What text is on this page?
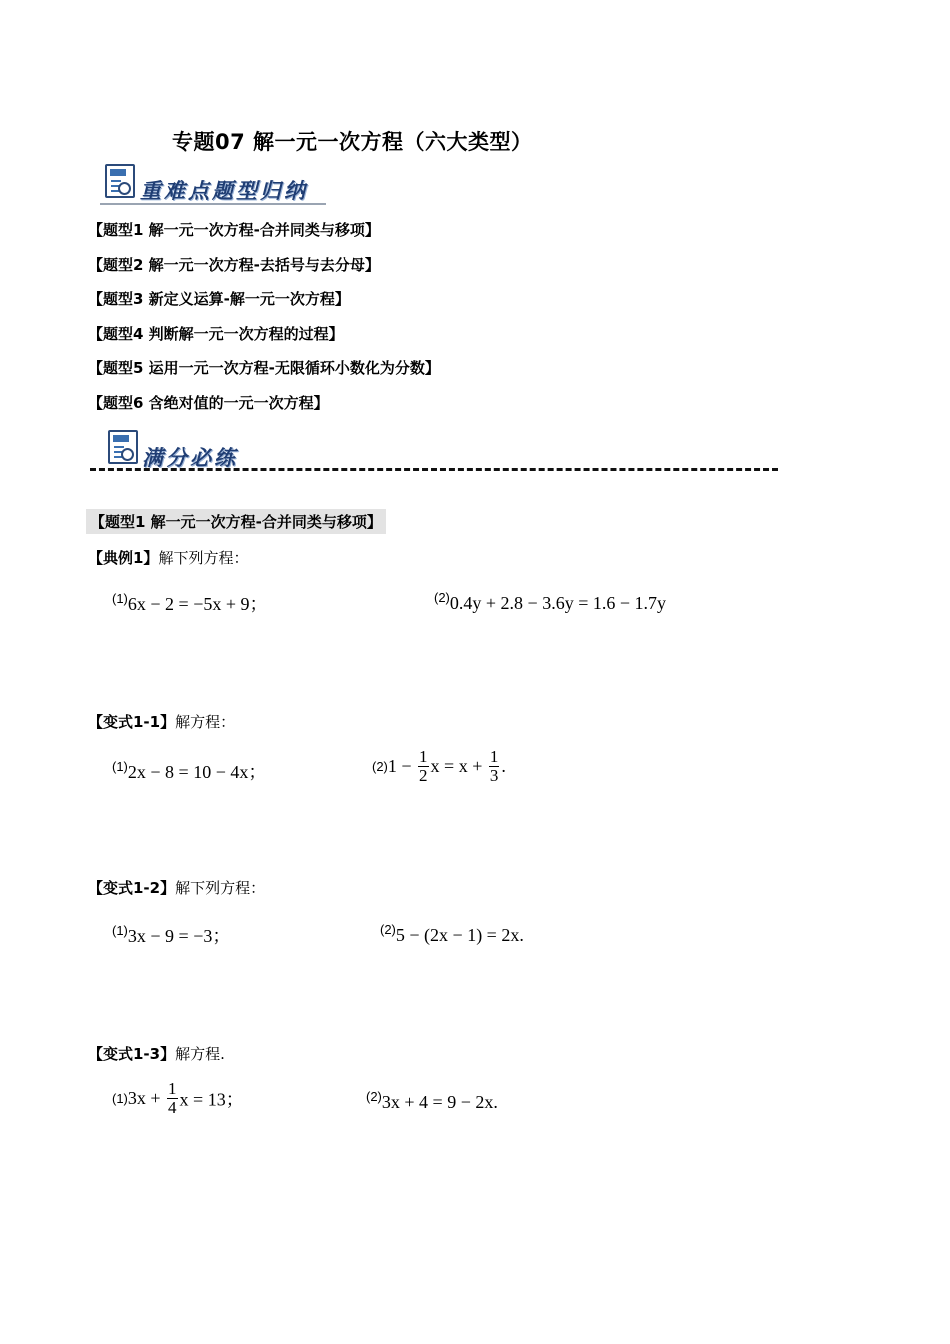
专题07 解一元一次方程（六大类型）
重难点题型归纳
【题型1 解一元一次方程-合并同类与移项】
【题型2 解一元一次方程-去括号与去分母】
【题型3 新定义运算-解一元一次方程】
【题型4 判断解一元一次方程的过程】
【题型5 运用一元一次方程-无限循环小数化为分数】
【题型6 含绝对值的一元一次方程】
满分必练
【题型1 解一元一次方程-合并同类与移项】
【典例1】解下列方程：
$^{(1)}$6x − 2 = −5x + 9；	$^{(2)}$0.4y + 2.8 − 3.6y = 1.6 − 1.7y
【变式1-1】解方程：
$^{(1)}$2x − 8 = 10 − 4x；	$(2)1 - \frac{1}{2}$ $x = x + \frac{1}{3}$ .
【变式1-2】解下列方程：
$^{(1)}$3x − 9 = −3；	$^{(2)}$5 − (2x − 1) = 2x.
【变式1-3】解方程.
$(1)3x + \frac{1}{4}$ x = 13；	$^{(2)}$3x + 4 = 9 − 2x.
